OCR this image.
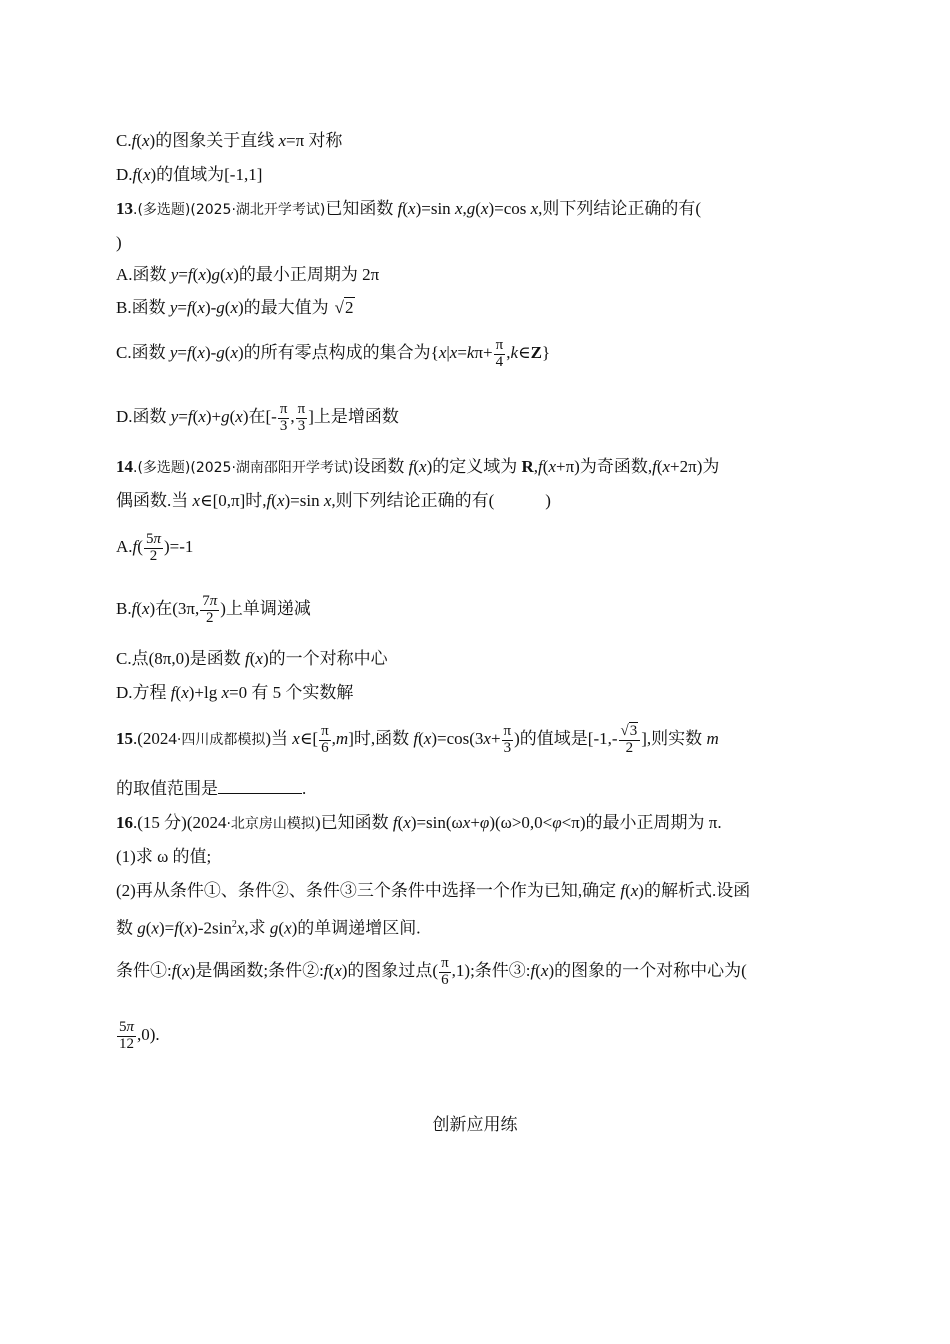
C.f(x)的图象关于直线 x=π 对称
D.f(x)的值域为[-1,1]
13.(多选题)(2025·湖北开学考试)已知函数 f(x)=sin x,g(x)=cos x,则下列结论正确的有(
)
A.函数 y=f(x)g(x)的最小正周期为 2π
B.函数 y=f(x)-g(x)的最大值为　 √2
C.函数 y=f(x)-g(x)的所有零点构成的集合为{$x|x=k\pi+ \frac{\pi}{4}$ ,k∈Z}
D.函数 y=f(x)+g(x)在[- $\frac{\pi}{3}$ , $\frac{\pi}{3}$ ]上是增函数
14.(多选题)(2025·湖南邵阳开学考试)设函数 f(x)的定义域为 R,f(x+π)为奇函数,f(x+2π)为
偶函数.当 x∈[0,π]时,f(x)=sin x,则下列结论正确的有(　　　)
$A.f( \frac{5\pi}{2} )=-1$
B.f(x)在(3π, $\frac{7\pi}{2}$ )上单调递减
C.点(8π,0)是函数 f(x)的一个对称中心
D.方程 f(x)+lg x=0 有 5 个实数解
15.(2024·四川成都模拟)当 x∈[ $\frac{\pi}{6} ,m$]时,函数 $f(x)=\cos(3x+ \frac{\pi}{3}$ )的值域是[$-1,- \frac{√3}{2}$ ],则实数 m
的取值范围是	.
16.(15 分)(2024·北京房山模拟)已知函数 f(x)=sin(ωx+φ)(ω>0,0<φ<π)的最小正周期为 π.
(1)求 ω 的值;
(2)再从条件①、条件②、条件③三个条件中选择一个作为已知,确定 f(x)的解析式.设函
数 $g(x)=f(x)-2\sin^2x$,求 g(x)的单调递增区间.
条件①:f(x)是偶函数;条件②:f(x)的图象过点( $\frac{\pi}{6} ,1$);条件③:f(x)的图象的一个对称中心为(
$\frac{5\pi}{12} ,0$).
创新应用练
